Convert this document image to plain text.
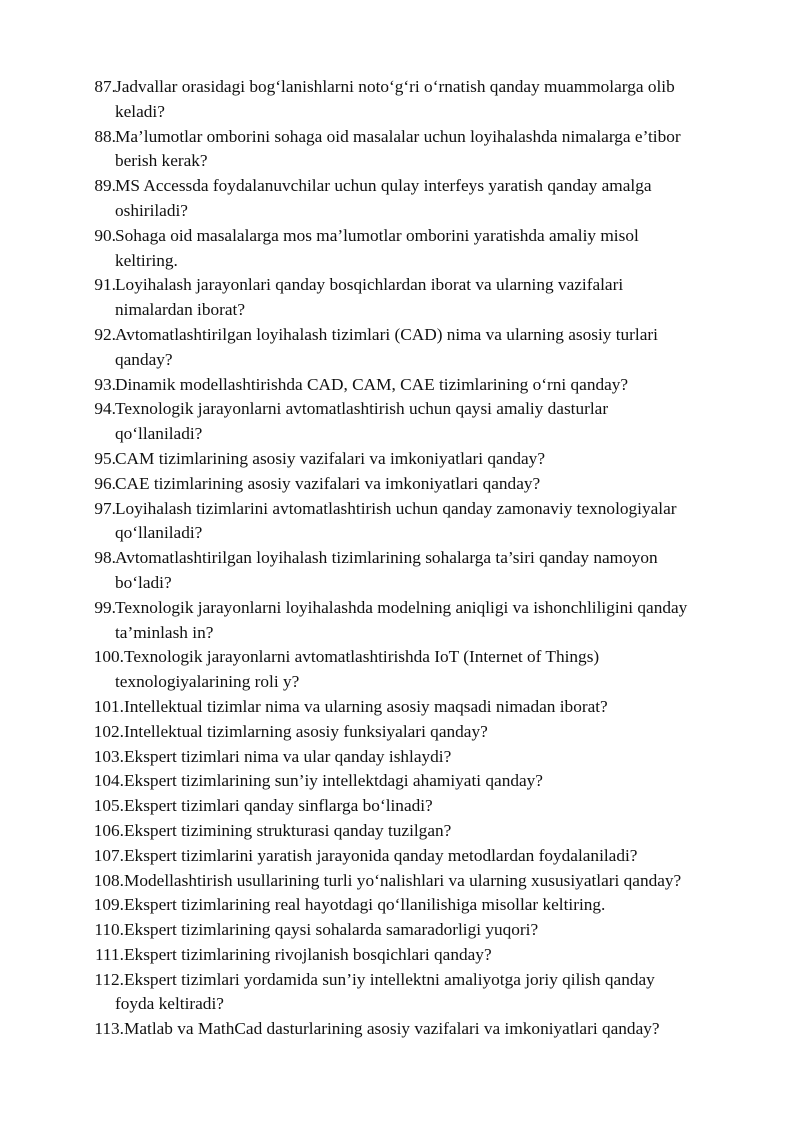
87. Jadvallar orasidagi bog‘lanishlarni noto‘g‘ri o‘rnatish qanday muammolarga olib
keladi?
88. Ma’lumotlar omborini sohaga oid masalalar uchun loyihalashda nimalarga e’tibor
berish kerak?
89. MS Accessda foydalanuvchilar uchun qulay interfeys yaratish qanday amalga
oshiriladi?
90. Sohaga oid masalalarga mos ma’lumotlar omborini yaratishda amaliy misol
keltiring.
91. Loyihalash jarayonlari qanday bosqichlardan iborat va ularning vazifalari
nimalardan iborat?
92. Avtomatlashtirilgan loyihalash tizimlari (CAD) nima va ularning asosiy turlari
qanday?
93. Dinamik modellashtirishda CAD, CAM, CAE tizimlarining o‘rni qanday?
94. Texnologik jarayonlarni avtomatlashtirish uchun qaysi amaliy dasturlar
qo‘llaniladi?
95. CAM tizimlarining asosiy vazifalari va imkoniyatlari qanday?
96. CAE tizimlarining asosiy vazifalari va imkoniyatlari qanday?
97. Loyihalash tizimlarini avtomatlashtirish uchun qanday zamonaviy texnologiyalar
qo‘llaniladi?
98. Avtomatlashtirilgan loyihalash tizimlarining sohalarga ta’siri qanday namoyon
bo‘ladi?
99. Texnologik jarayonlarni loyihalashda modelning aniqligi va ishonchliligini qanday
ta’minlash in?
100. Texnologik jarayonlarni avtomatlashtirishda IoT (Internet of Things)
texnologiyalarining roli y?
101. Intellektual tizimlar nima va ularning asosiy maqsadi nimadan iborat?
102. Intellektual tizimlarning asosiy funksiyalari qanday?
103. Ekspert tizimlari nima va ular qanday ishlaydi?
104. Ekspert tizimlarining sun’iy intellektdagi ahamiyati qanday?
105. Ekspert tizimlari qanday sinflarga bo‘linadi?
106. Ekspert tizimining strukturasi qanday tuzilgan?
107. Ekspert tizimlarini yaratish jarayonida qanday metodlardan foydalaniladi?
108. Modellashtirish usullarining turli yo‘nalishlari va ularning xususiyatlari qanday?
109. Ekspert tizimlarining real hayotdagi qo‘llanilishiga misollar keltiring.
110. Ekspert tizimlarining qaysi sohalarda samaradorligi yuqori?
111. Ekspert tizimlarining rivojlanish bosqichlari qanday?
112. Ekspert tizimlari yordamida sun’iy intellektni amaliyotga joriy qilish qanday
foyda keltiradi?
113. Matlab va MathCad dasturlarining asosiy vazifalari va imkoniyatlari qanday?
